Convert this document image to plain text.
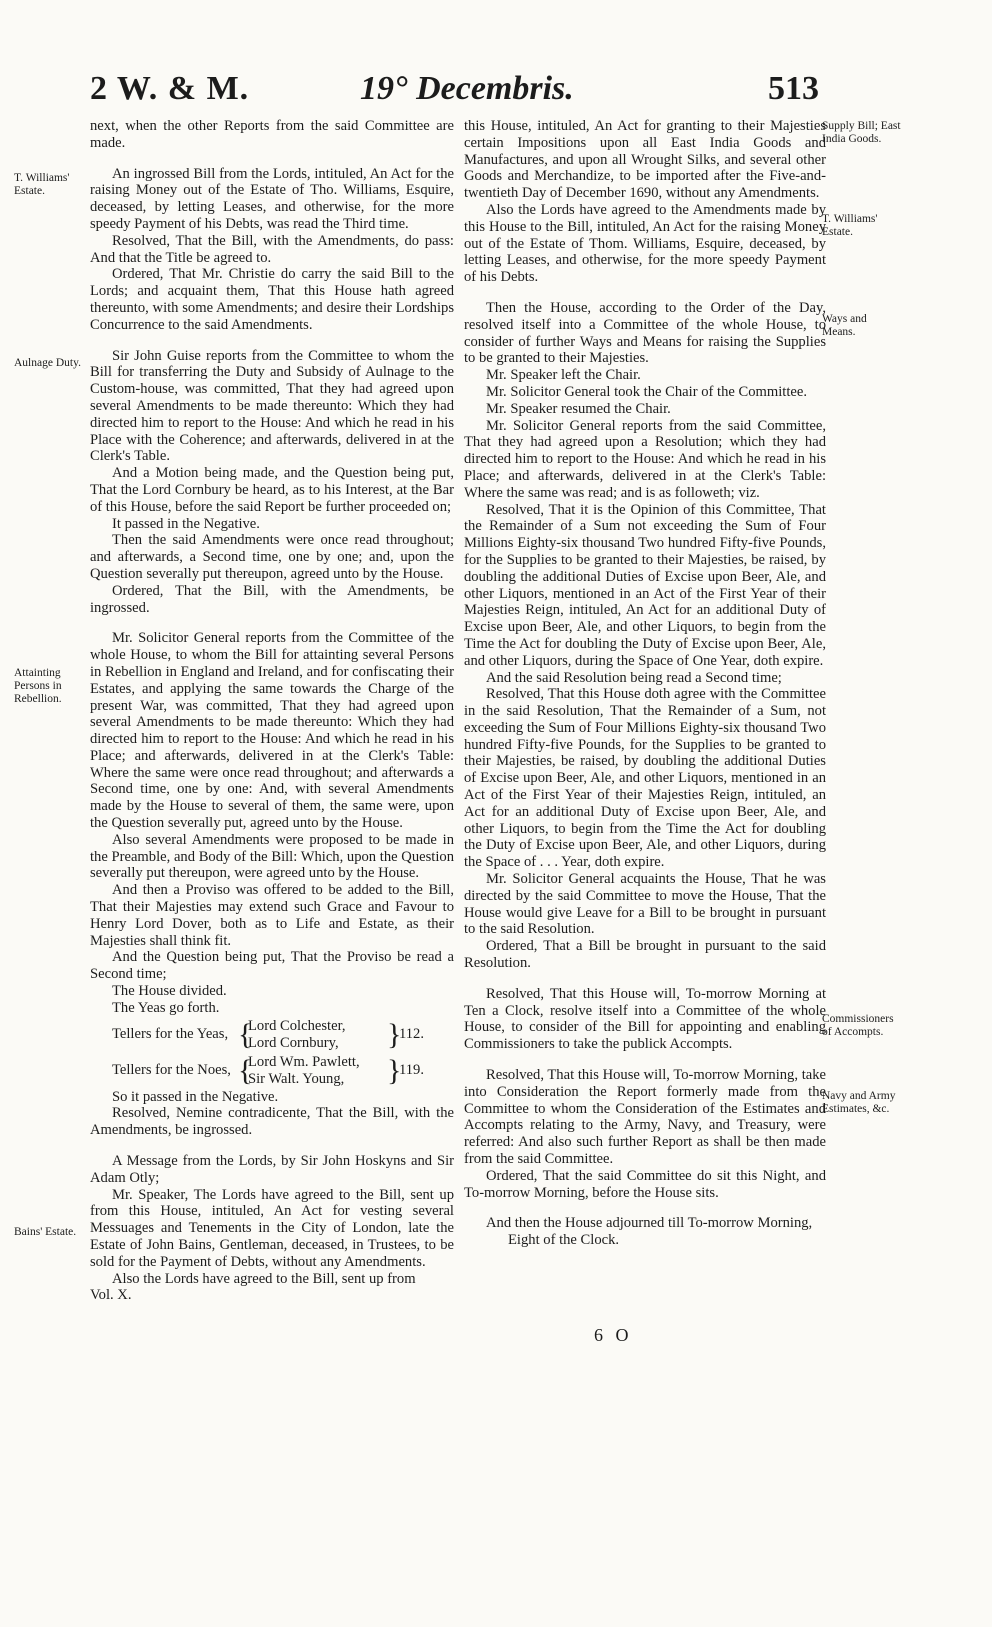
2 W. & M.	19° Decembris.	513
T. Williams' Estate.
Aulnage Duty.
Attainting Persons in Rebellion.
Bains' Estate.
Supply Bill; East India Goods.
T. Williams' Estate.
Ways and Means.
Commissioners of Accompts.
Navy and Army Estimates, &c.

next, when the other Reports from the said Committee are made.

An ingrossed Bill from the Lords, intituled, An Act for the raising Money out of the Estate of Tho. Williams, Esquire, deceased, by letting Leases, and otherwise, for the more speedy Payment of his Debts, was read the Third time.

Resolved, That the Bill, with the Amendments, do pass: And that the Title be agreed to.

Ordered, That Mr. Christie do carry the said Bill to the Lords; and acquaint them, That this House hath agreed thereunto, with some Amendments; and desire their Lordships Concurrence to the said Amendments.

Sir John Guise reports from the Committee to whom the Bill for transferring the Duty and Subsidy of Aulnage to the Custom-house, was committed, That they had agreed upon several Amendments to be made thereunto: Which they had directed him to report to the House: And which he read in his Place with the Coherence; and afterwards, delivered in at the Clerk's Table.

And a Motion being made, and the Question being put, That the Lord Cornbury be heard, as to his Interest, at the Bar of this House, before the said Report be further proceeded on;

It passed in the Negative.

Then the said Amendments were once read throughout; and afterwards, a Second time, one by one; and, upon the Question severally put thereupon, agreed unto by the House.

Ordered, That the Bill, with the Amendments, be ingrossed.

Mr. Solicitor General reports from the Committee of the whole House, to whom the Bill for attainting several Persons in Rebellion in England and Ireland, and for confiscating their Estates, and applying the same towards the Charge of the present War, was committed, That they had agreed upon several Amendments to be made thereunto: Which they had directed him to report to the House: And which he read in his Place; and afterwards, delivered in at the Clerk's Table: Where the same were once read throughout; and afterwards a Second time, one by one: And, with several Amendments made by the House to several of them, the same were, upon the Question severally put, agreed unto by the House.

Also several Amendments were proposed to be made in the Preamble, and Body of the Bill: Which, upon the Question severally put thereupon, were agreed unto by the House.

And then a Proviso was offered to be added to the Bill, That their Majesties may extend such Grace and Favour to Henry Lord Dover, both as to Life and Estate, as their Majesties shall think fit.

And the Question being put, That the Proviso be read a Second time;

The House divided.

The Yeas go forth.

Tellers for the Yeas, {
Lord Colchester,
Lord Cornbury,	}
112.
Tellers for the Noes, {
Lord Wm. Pawlett,
Sir Walt. Young,	}
119.

So it passed in the Negative.

Resolved, Nemine contradicente, That the Bill, with the Amendments, be ingrossed.

A Message from the Lords, by Sir John Hoskyns and Sir Adam Otly;

Mr. Speaker, The Lords have agreed to the Bill, sent up from this House, intituled, An Act for vesting several Messuages and Tenements in the City of London, late the Estate of John Bains, Gentleman, deceased, in Trustees, to be sold for the Payment of Debts, without any Amendments.

Also the Lords have agreed to the Bill, sent up from

Vol. X.

this House, intituled, An Act for granting to their Majesties certain Impositions upon all East India Goods and Manufactures, and upon all Wrought Silks, and several other Goods and Merchandize, to be imported after the Five-and-twentieth Day of December 1690, without any Amendments.

Also the Lords have agreed to the Amendments made by this House to the Bill, intituled, An Act for the raising Money out of the Estate of Thom. Williams, Esquire, deceased, by letting Leases, and otherwise, for the more speedy Payment of his Debts.

Then the House, according to the Order of the Day, resolved itself into a Committee of the whole House, to consider of further Ways and Means for raising the Supplies to be granted to their Majesties.

Mr. Speaker left the Chair.

Mr. Solicitor General took the Chair of the Committee.

Mr. Speaker resumed the Chair.

Mr. Solicitor General reports from the said Committee, That they had agreed upon a Resolution; which they had directed him to report to the House: And which he read in his Place; and afterwards, delivered in at the Clerk's Table: Where the same was read; and is as followeth; viz.

Resolved, That it is the Opinion of this Committee, That the Remainder of a Sum not exceeding the Sum of Four Millions Eighty-six thousand Two hundred Fifty-five Pounds, for the Supplies to be granted to their Majesties, be raised, by doubling the additional Duties of Excise upon Beer, Ale, and other Liquors, mentioned in an Act of the First Year of their Majesties Reign, intituled, An Act for an additional Duty of Excise upon Beer, Ale, and other Liquors, to begin from the Time the Act for doubling the Duty of Excise upon Beer, Ale, and other Liquors, during the Space of One Year, doth expire.

And the said Resolution being read a Second time;

Resolved, That this House doth agree with the Committee in the said Resolution, That the Remainder of a Sum, not exceeding the Sum of Four Millions Eighty-six thousand Two hundred Fifty-five Pounds, for the Supplies to be granted to their Majesties, be raised, by doubling the additional Duties of Excise upon Beer, Ale, and other Liquors, mentioned in an Act of the First Year of their Majesties Reign, intituled, an Act for an additional Duty of Excise upon Beer, Ale, and other Liquors, to begin from the Time the Act for doubling the Duty of Excise upon Beer, Ale, and other Liquors, during the Space of . . . Year, doth expire.

Mr. Solicitor General acquaints the House, That he was directed by the said Committee to move the House, That the House would give Leave for a Bill to be brought in pursuant to the said Resolution.

Ordered, That a Bill be brought in pursuant to the said Resolution.

Resolved, That this House will, To-morrow Morning at Ten a Clock, resolve itself into a Committee of the whole House, to consider of the Bill for appointing and enabling Commissioners to take the publick Accompts.

Resolved, That this House will, To-morrow Morning, take into Consideration the Report formerly made from the Committee to whom the Consideration of the Estimates and Accompts relating to the Army, Navy, and Treasury, were referred: And also such further Report as shall be then made from the said Committee.

Ordered, That the said Committee do sit this Night, and To-morrow Morning, before the House sits.

And then the House adjourned till To-morrow Morning, Eight of the Clock.

6 O
